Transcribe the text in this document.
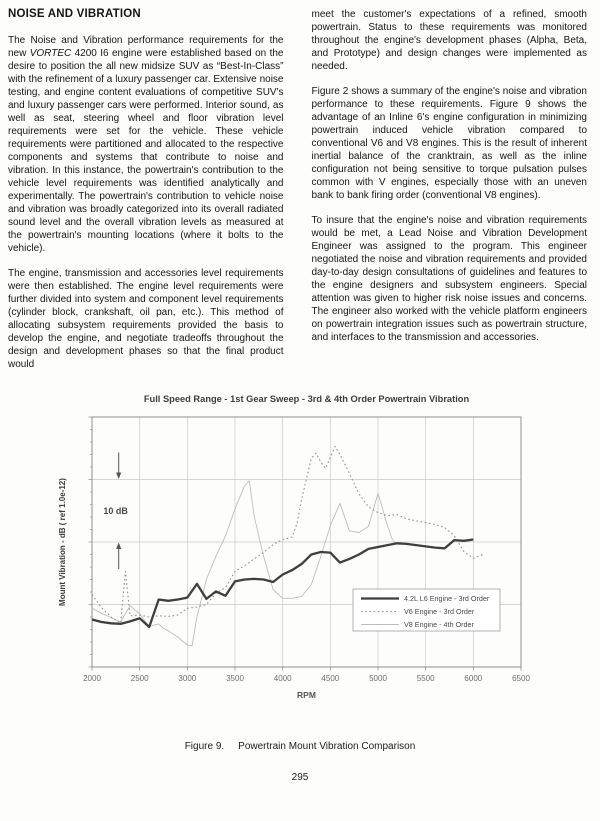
NOISE AND VIBRATION

The Noise and Vibration performance requirements for the new VORTEC 4200 I6 engine were established based on the desire to position the all new midsize SUV as “Best-In-Class” with the refinement of a luxury passenger car. Extensive noise testing, and engine content evaluations of competitive SUV's and luxury passenger cars were performed. Interior sound, as well as seat, steering wheel and floor vibration level requirements were set for the vehicle. These vehicle requirements were partitioned and allocated to the respective components and systems that contribute to noise and vibration. In this instance, the powertrain's contribution to the vehicle level requirements was identified analytically and experimentally. The powertrain's contribution to vehicle noise and vibration was broadly categorized into its overall radiated sound level and the overall vibration levels as measured at the powertrain's mounting locations (where it bolts to the vehicle).

The engine, transmission and accessories level requirements were then established. The engine level requirements were further divided into system and component level requirements (cylinder block, crankshaft, oil pan, etc.). This method of allocating subsystem requirements provided the basis to develop the engine, and negotiate tradeoffs throughout the design and development phases so that the final product would

meet the customer's expectations of a refined, smooth powertrain. Status to these requirements was monitored throughout the engine's development phases (Alpha, Beta, and Prototype) and design changes were implemented as needed.

Figure 2 shows a summary of the engine's noise and vibration performance to these requirements. Figure 9 shows the advantage of an Inline 6's engine configuration in minimizing powertrain induced vehicle vibration compared to conventional V6 and V8 engines. This is the result of inherent inertial balance of the cranktrain, as well as the inline configuration not being sensitive to torque pulsation pulses common with V engines, especially those with an uneven bank to bank firing order (conventional V8 engines).

To insure that the engine's noise and vibration requirements would be met, a Lead Noise and Vibration Development Engineer was assigned to the program. This engineer negotiated the noise and vibration requirements and provided day-to-day design consultations of guidelines and features to the engine designers and subsystem engineers. Special attention was given to higher risk noise issues and concerns. The engineer also worked with the vehicle platform engineers on powertrain integration issues such as powertrain structure, and interfaces to the transmission and accessories.

2000	2500	3000	3500	4000	4500	5000	5500	6000	6500
10 dB
Full Speed Range - 1st Gear Sweep - 3rd & 4th Order Powertrain Vibration
RPM
Mount Vibration - dB ( ref 1.0e-12)	4.2L L6 Engine - 3rd Order
V6 Engine - 3rd Order
V8 Engine - 4th Order
Figure 9. Powertrain Mount Vibration Comparison
295
